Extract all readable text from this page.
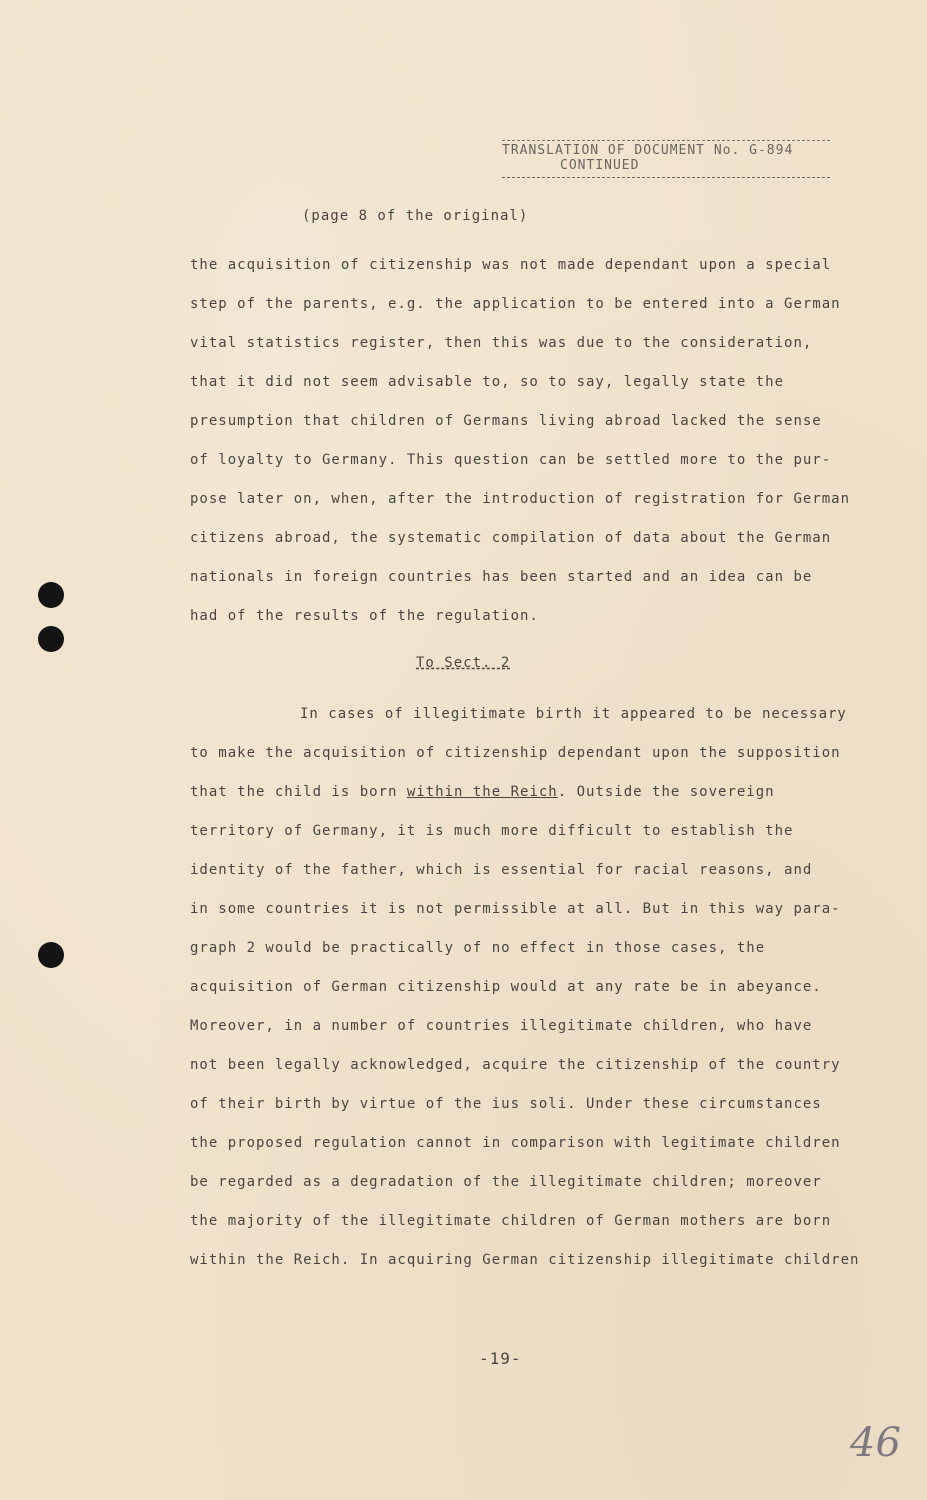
TRANSLATION OF DOCUMENT No. G-894
CONTINUED
(page 8 of the original)
the acquisition of citizenship was not made dependant upon a special
step of the parents, e.g. the application to be entered into a German
vital statistics register, then this was due to the consideration,
that it did not seem advisable to, so to say, legally state the
presumption that children of Germans living abroad lacked the sense
of loyalty to Germany. This question can be settled more to the pur-
pose later on, when, after the introduction of registration for German
citizens abroad, the systematic compilation of data about the German
nationals in foreign countries has been started and an idea can be
had of the results of the regulation.
To Sect. 2
In cases of illegitimate birth it appeared to be necessary
to make the acquisition of citizenship dependant upon the supposition
that the child is born within the Reich. Outside the sovereign
territory of Germany, it is much more difficult to establish the
identity of the father, which is essential for racial reasons, and
in some countries it is not permissible at all. But in this way para-
graph 2 would be practically of no effect in those cases, the
acquisition of German citizenship would at any rate be in abeyance.
Moreover, in a number of countries illegitimate children, who have
not been legally acknowledged, acquire the citizenship of the country
of their birth by virtue of the ius soli. Under these circumstances
the proposed regulation cannot in comparison with legitimate children
be regarded as a degradation of the illegitimate children; moreover
the majority of the illegitimate children of German mothers are born
within the Reich. In acquiring German citizenship illegitimate children
-19-
46
